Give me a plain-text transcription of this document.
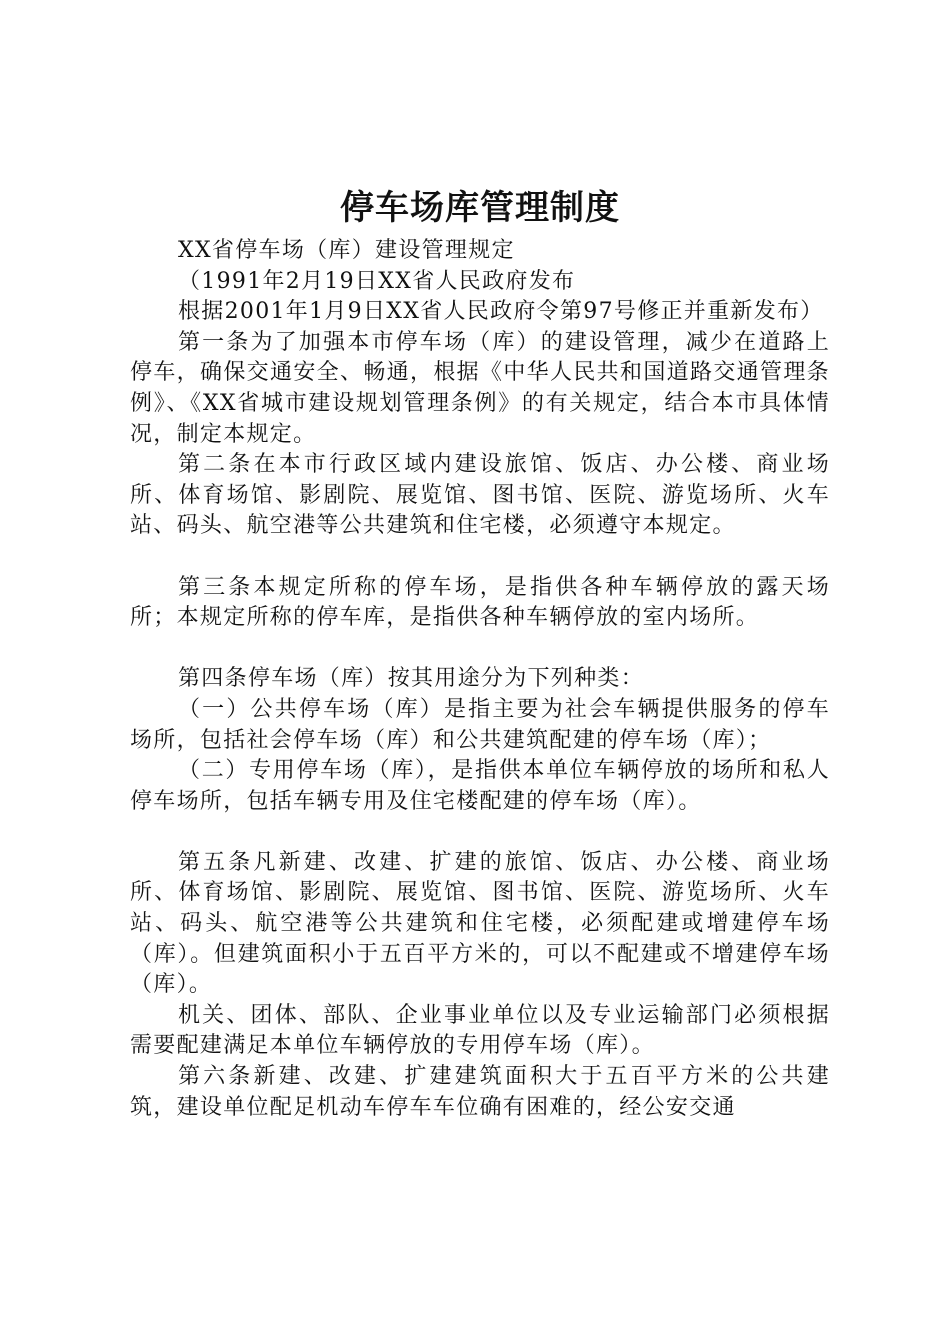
停车场库管理制度

XX省停车场（库）建设管理规定

（1991年2月19日XX省人民政府发布

根据2001年1月9日XX省人民政府令第97号修正并重新发布）

第一条为了加强本市停车场（库）的建设管理，减少在道路上停车，确保交通安全、畅通，根据《中华人民共和国道路交通管理条例》、《XX省城市建设规划管理条例》的有关规定，结合本市具体情况，制定本规定。

第二条在本市行政区域内建设旅馆、饭店、办公楼、商业场所、体育场馆、影剧院、展览馆、图书馆、医院、游览场所、火车站、码头、航空港等公共建筑和住宅楼，必须遵守本规定。

第三条本规定所称的停车场，是指供各种车辆停放的露天场所；本规定所称的停车库，是指供各种车辆停放的室内场所。

第四条停车场（库）按其用途分为下列种类：

（一）公共停车场（库）是指主要为社会车辆提供服务的停车场所，包括社会停车场（库）和公共建筑配建的停车场（库）；

（二）专用停车场（库），是指供本单位车辆停放的场所和私人停车场所，包括车辆专用及住宅楼配建的停车场（库）。

第五条凡新建、改建、扩建的旅馆、饭店、办公楼、商业场所、体育场馆、影剧院、展览馆、图书馆、医院、游览场所、火车站、码头、航空港等公共建筑和住宅楼，必须配建或增建停车场（库）。但建筑面积小于五百平方米的，可以不配建或不增建停车场（库）。

机关、团体、部队、企业事业单位以及专业运输部门必须根据需要配建满足本单位车辆停放的专用停车场（库）。

第六条新建、改建、扩建建筑面积大于五百平方米的公共建筑，建设单位配足机动车停车车位确有困难的，经公安交通
